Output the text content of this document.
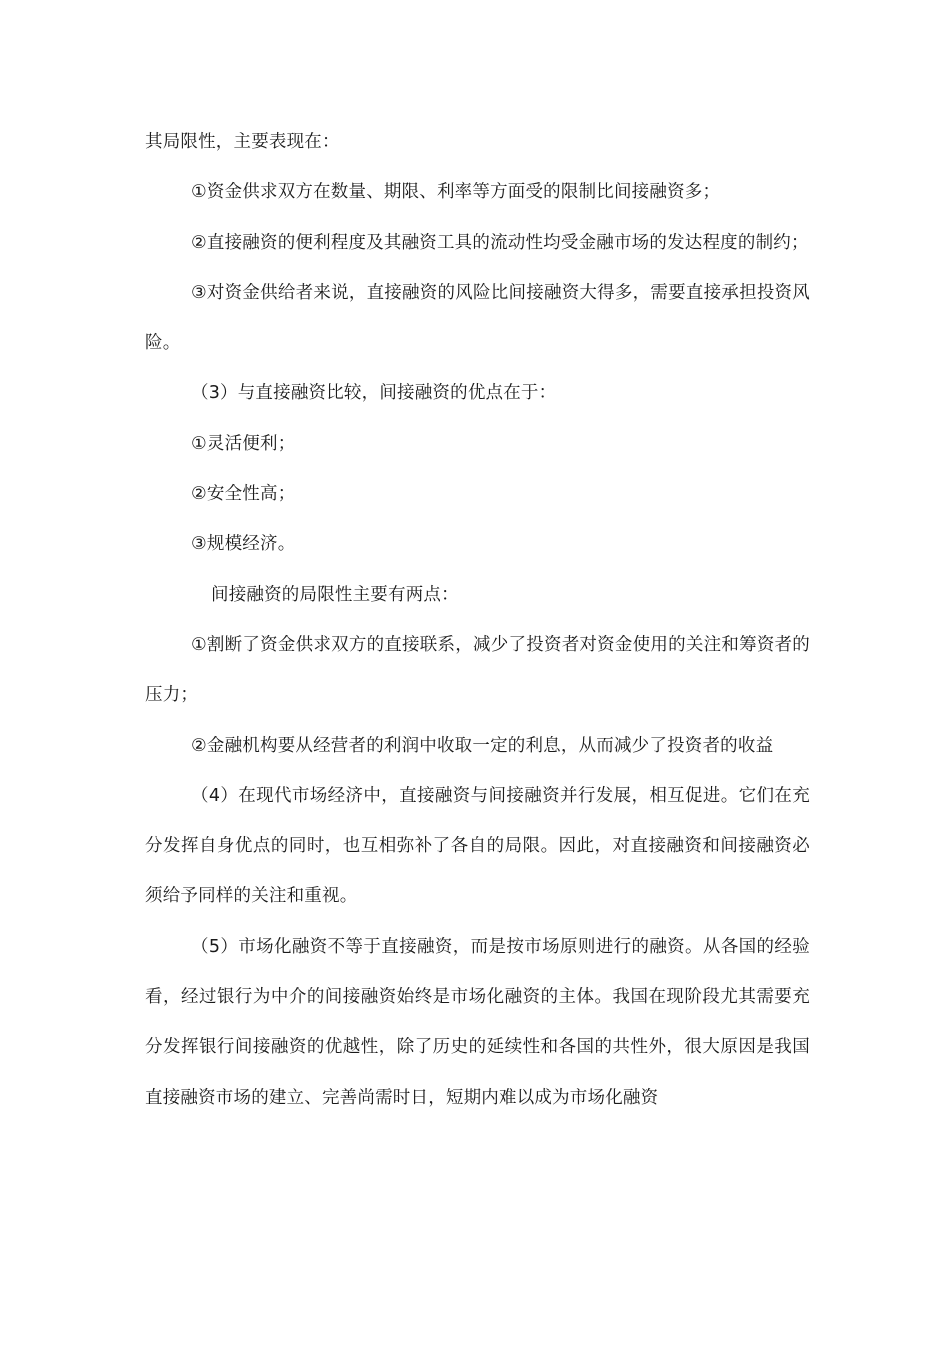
其局限性，主要表现在：

①资金供求双方在数量、期限、利率等方面受的限制比间接融资多；

②直接融资的便利程度及其融资工具的流动性均受金融市场的发达程度的制约；

③对资金供给者来说，直接融资的风险比间接融资大得多，需要直接承担投资风险。

（3）与直接融资比较，间接融资的优点在于：

①灵活便利；

②安全性高；

③规模经济。

间接融资的局限性主要有两点：

①割断了资金供求双方的直接联系，减少了投资者对资金使用的关注和筹资者的压力；

②金融机构要从经营者的利润中收取一定的利息，从而减少了投资者的收益

（4）在现代市场经济中，直接融资与间接融资并行发展，相互促进。它们在充分发挥自身优点的同时，也互相弥补了各自的局限。因此，对直接融资和间接融资必须给予同样的关注和重视。

（5）市场化融资不等于直接融资，而是按市场原则进行的融资。从各国的经验看，经过银行为中介的间接融资始终是市场化融资的主体。我国在现阶段尤其需要充分发挥银行间接融资的优越性，除了历史的延续性和各国的共性外，很大原因是我国直接融资市场的建立、完善尚需时日，短期内难以成为市场化融资
